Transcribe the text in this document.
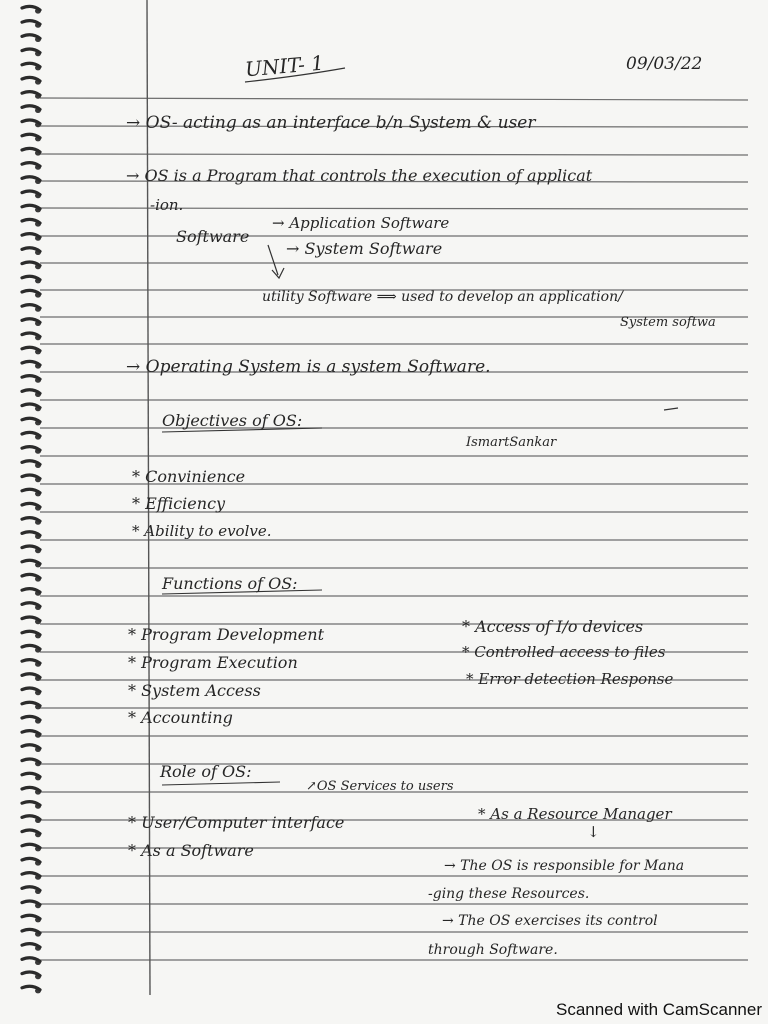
UNIT- 1	09/03/22
→ OS- acting as an interface b/n System & user
→ OS is a Program that controls the execution of applicat
-ion.
Software
→ Application Software
→ System Software
utility Software ⟹ used to develop an application/
System softwa
→ Operating System is a system Software.
Objectives of OS:
IsmartSankar
* Convinience
* Efficiency
* Ability to evolve.
Functions of OS:
* Program Development
* Program Execution
* System Access
* Accounting
* Access of I/o devices
* Controlled access to files
* Error detection Response
Role of OS:
↗OS Services to users
* User/Computer interface
* As a Software
* As a Resource Manager
↓
→ The OS is responsible for Mana
-ging these Resources.
→ The OS exercises its control
through Software.
Scanned with CamScanner
